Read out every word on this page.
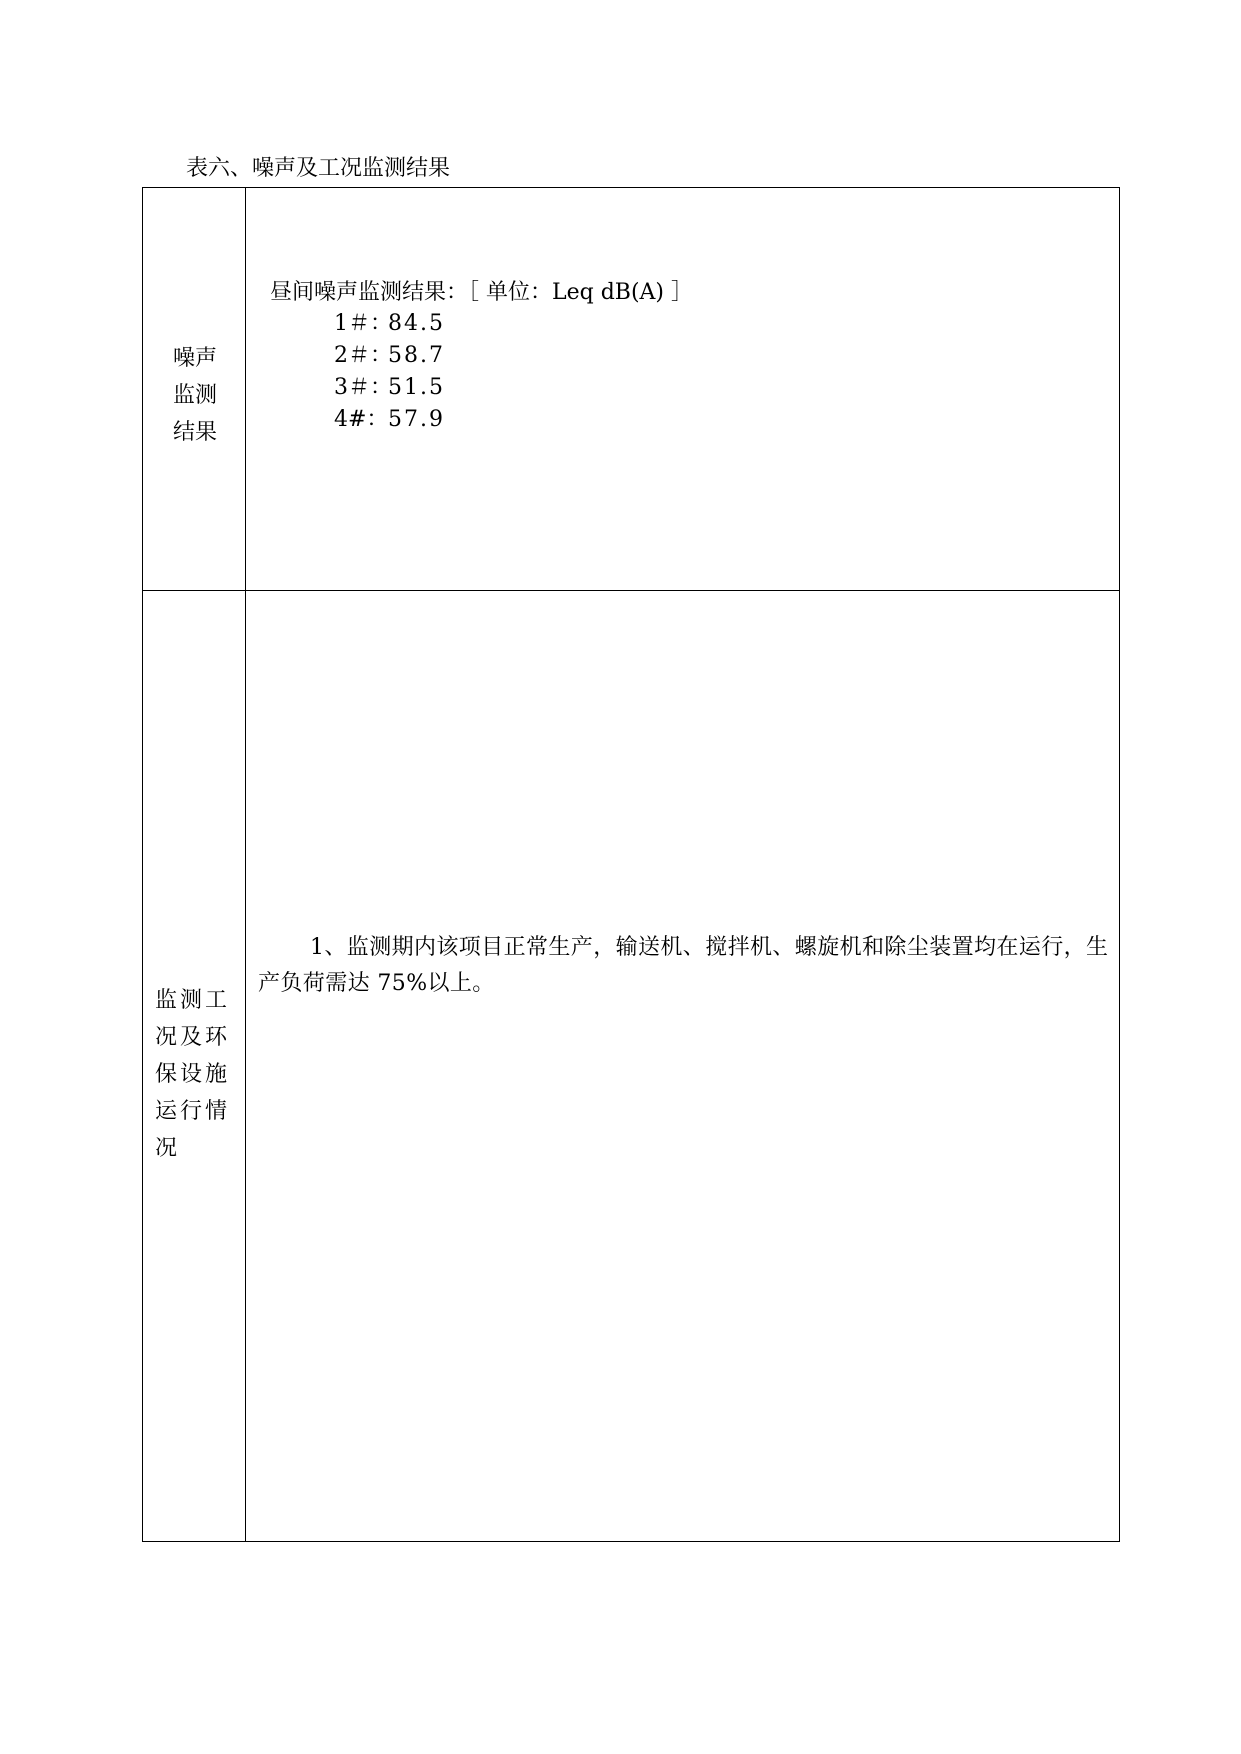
表六、噪声及工况监测结果
噪声监测结果
昼间噪声监测结果：［ 单位：Leq dB(A) ］
1＃：84.5
2＃：58.7
3＃：51.5
4#：57.9
监测工况及环保设施运行情况
1、监测期内该项目正常生产，输送机、搅拌机、螺旋机和除尘装置均在运行，生产负荷需达 75%以上。
